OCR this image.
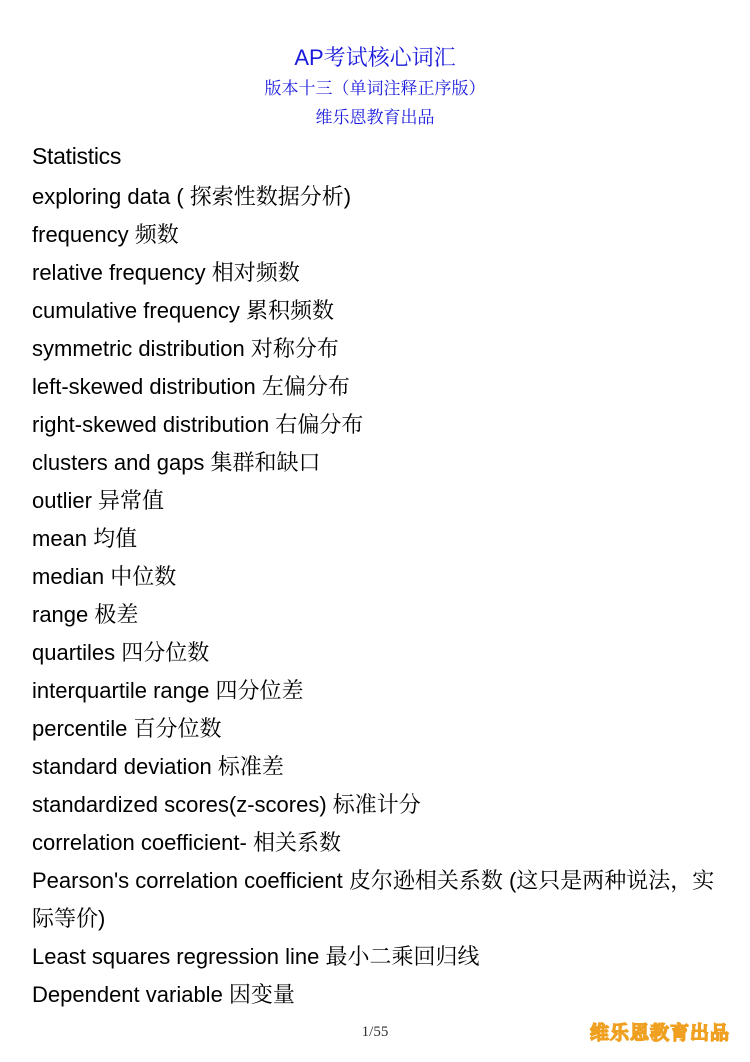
AP考试核心词汇
版本十三（单词注释正序版）
维乐恩教育出品
Statistics
exploring data ( 探索性数据分析)
frequency 频数
relative frequency 相对频数
cumulative frequency 累积频数
symmetric distribution 对称分布
left-skewed distribution 左偏分布
right-skewed distribution 右偏分布
clusters and gaps 集群和缺口
outlier 异常值
mean 均值
median 中位数
range 极差
quartiles 四分位数
interquartile range 四分位差
percentile 百分位数
standard deviation 标准差
standardized scores(z-scores) 标准计分
correlation coefficient- 相关系数
Pearson's correlation coefficient 皮尔逊相关系数 (这只是两种说法，实际等价)
Least squares regression line 最小二乘回归线
Dependent variable 因变量
1/55	维乐恩教育出品
